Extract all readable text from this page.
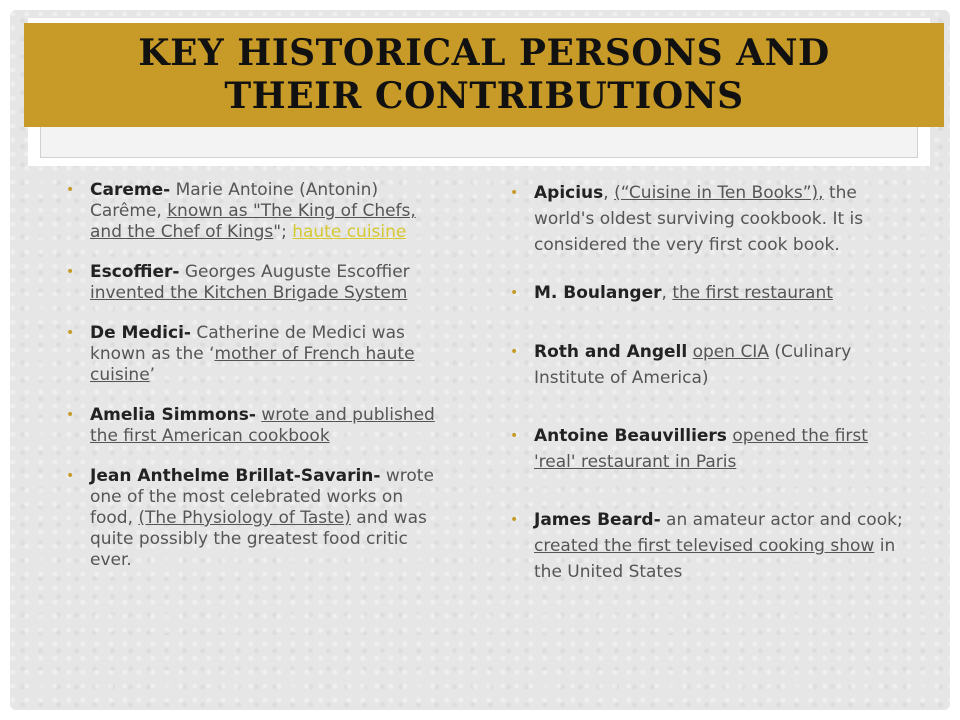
KEY HISTORICAL PERSONS AND
THEIR CONTRIBUTIONS
• Careme- Marie Antoine (Antonin) Carême, known as "The King of Chefs, and the Chef of Kings"; haute cuisine
• Escoffier- Georges Auguste Escoffier invented the Kitchen Brigade System
• De Medici- Catherine de Medici was known as the ‘mother of French haute cuisine’
• Amelia Simmons- wrote and published the first American cookbook
• Jean Anthelme Brillat-Savarin- wrote one of the most celebrated works on food, (The Physiology of Taste) and was quite possibly the greatest food critic ever.
• Apicius, (“Cuisine in Ten Books”), the world's oldest surviving cookbook. It is considered the very first cook book.
• M. Boulanger, the first restaurant
• Roth and Angell open CIA (Culinary Institute of America)
• Antoine Beauvilliers opened the first 'real' restaurant in Paris
• James Beard- an amateur actor and cook; created the first televised cooking show in the United States
